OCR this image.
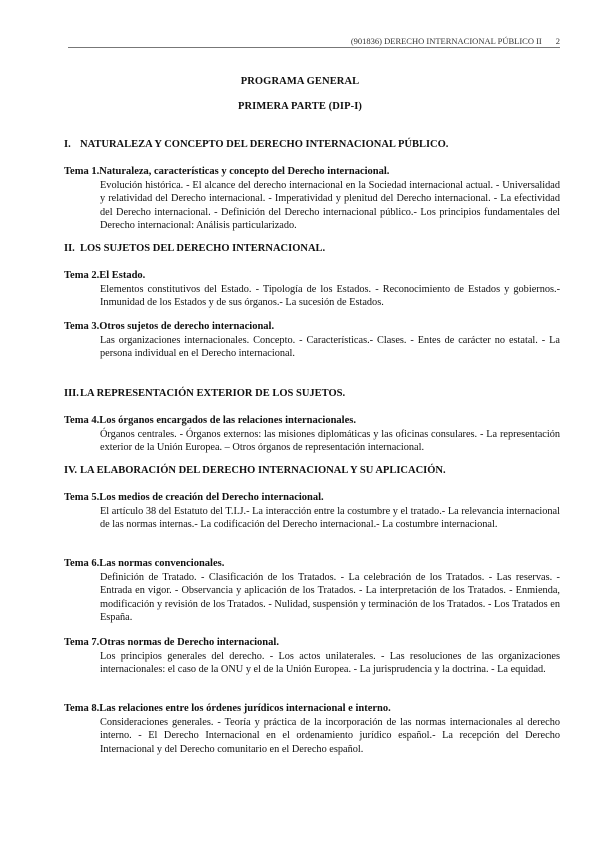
(901836) DERECHO INTERNACIONAL PÚBLICO II 2
PROGRAMA GENERAL
PRIMERA PARTE (DIP-I)
I. NATURALEZA Y CONCEPTO DEL DERECHO INTERNACIONAL PÚBLICO.
Tema 1.Naturaleza, características y concepto del Derecho internacional.
Evolución histórica. - El alcance del derecho internacional en la Sociedad internacional actual. - Universalidad y relatividad del Derecho internacional. - Imperatividad y plenitud del Derecho internacional. - La efectividad del Derecho internacional. - Definición del Derecho internacional público.- Los principios fundamentales del Derecho internacional: Análisis particularizado.
II. LOS SUJETOS DEL DERECHO INTERNACIONAL.
Tema 2.El Estado.
Elementos constitutivos del Estado. - Tipología de los Estados. - Reconocimiento de Estados y gobiernos.- Inmunidad de los Estados y de sus órganos.- La sucesión de Estados.
Tema 3.Otros sujetos de derecho internacional.
Las organizaciones internacionales. Concepto. - Características.- Clases. - Entes de carácter no estatal. - La persona individual en el Derecho internacional.
III.LA REPRESENTACIÓN EXTERIOR DE LOS SUJETOS.
Tema 4.Los órganos encargados de las relaciones internacionales.
Órganos centrales. - Órganos externos: las misiones diplomáticas y las oficinas consulares. - La representación exterior de la Unión Europea. – Otros órganos de representación internacional.
IV. LA ELABORACIÓN DEL DERECHO INTERNACIONAL Y SU APLICACIÓN.
Tema 5.Los medios de creación del Derecho internacional.
El artículo 38 del Estatuto del T.I.J.- La interacción entre la costumbre y el tratado.- La relevancia internacional de las normas internas.- La codificación del Derecho internacional.- La costumbre internacional.
Tema 6.Las normas convencionales.
Definición de Tratado. - Clasificación de los Tratados. - La celebración de los Tratados. - Las reservas. - Entrada en vigor. - Observancia y aplicación de los Tratados. - La interpretación de los Tratados. - Enmienda, modificación y revisión de los Tratados. - Nulidad, suspensión y terminación de los Tratados. - Los Tratados en España.
Tema 7.Otras normas de Derecho internacional.
Los principios generales del derecho. - Los actos unilaterales. - Las resoluciones de las organizaciones internacionales: el caso de la ONU y el de la Unión Europea. - La jurisprudencia y la doctrina. - La equidad.
Tema 8.Las relaciones entre los órdenes jurídicos internacional e interno.
Consideraciones generales. - Teoría y práctica de la incorporación de las normas internacionales al derecho interno. - El Derecho Internacional en el ordenamiento jurídico español.- La recepción del Derecho Internacional y del Derecho comunitario en el Derecho español.
